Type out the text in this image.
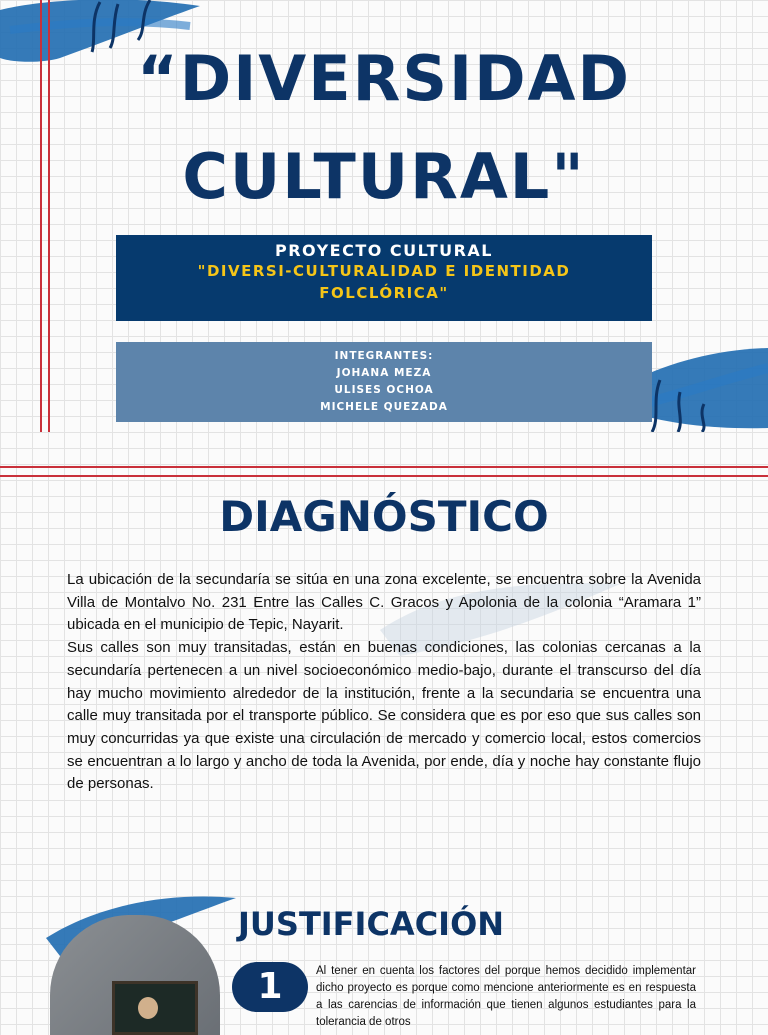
“DIVERSIDAD
CULTURAL"
PROYECTO CULTURAL
"DIVERSI-CULTURALIDAD E IDENTIDAD FOLCLÓRICA"
INTEGRANTES:
JOHANA MEZA
ULISES OCHOA
MICHELE QUEZADA
DIAGNÓSTICO

La ubicación de la secundaría se sitúa en una zona excelente, se encuentra sobre la Avenida Villa de Montalvo No. 231 Entre las Calles C. Gracos y Apolonia de la colonia “Aramara 1” ubicada en el municipio de Tepic, Nayarit.

Sus calles son muy transitadas, están en buenas condiciones, las colonias cercanas a la secundaría pertenecen a un nivel socioeconómico medio-bajo, durante el transcurso del día hay mucho movimiento alrededor de la institución, frente a la secundaria se encuentra una calle muy transitada por el transporte público. Se considera que es por eso que sus calles son muy concurridas ya que existe una circulación de mercado y comercio local, estos comercios se encuentran a lo largo y ancho de toda la Avenida, por ende, día y noche hay constante flujo de personas.

JUSTIFICACIÓN
1	Al tener en cuenta los factores del porque hemos decidido implementar dicho proyecto es porque como mencione anteriormente es en respuesta a las carencias de información que tienen algunos estudiantes para la tolerancia de otros
